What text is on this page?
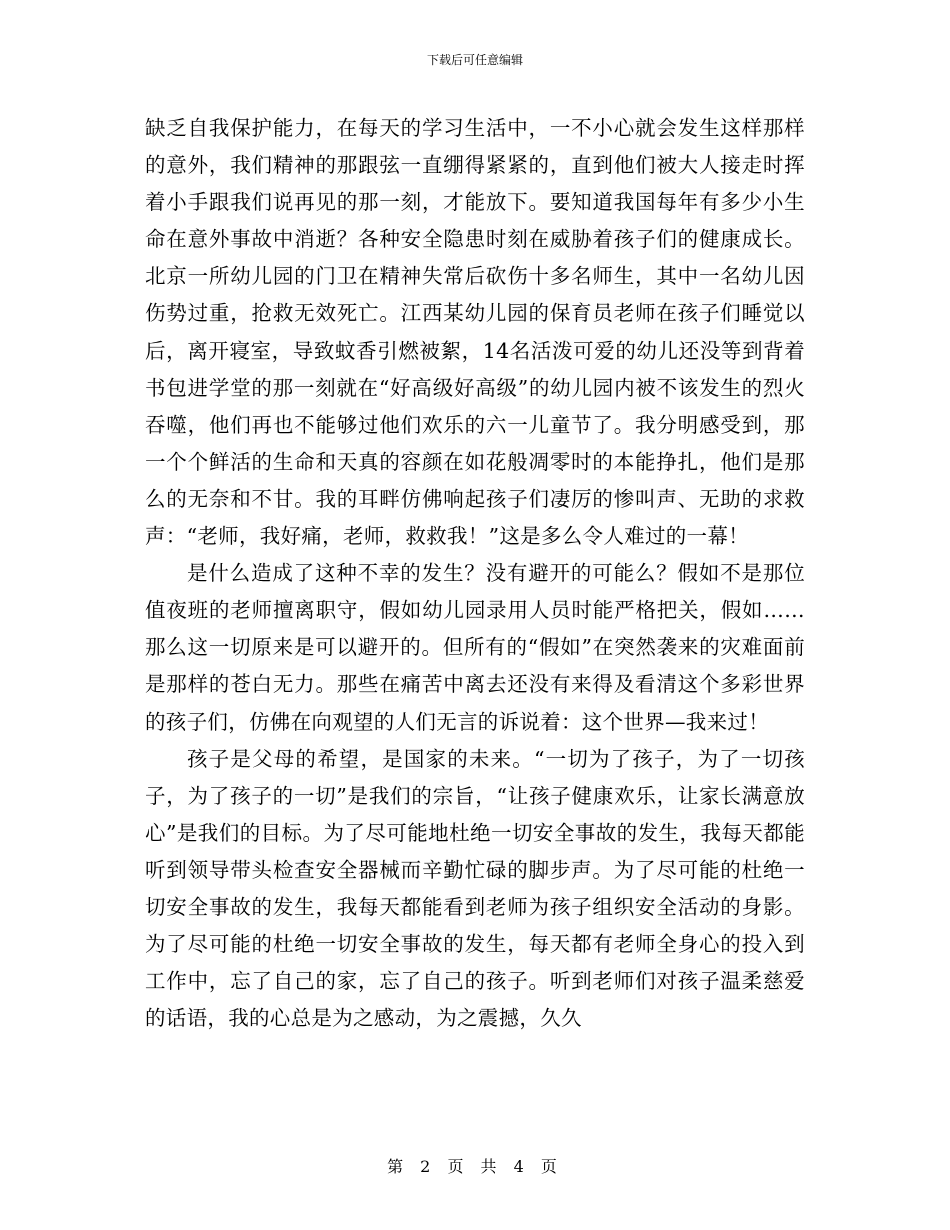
下载后可任意编辑

缺乏自我保护能力，在每天的学习生活中，一不小心就会发生这样那样的意外，我们精神的那跟弦一直绷得紧紧的，直到他们被大人接走时挥着小手跟我们说再见的那一刻，才能放下。要知道我国每年有多少小生命在意外事故中消逝？各种安全隐患时刻在威胁着孩子们的健康成长。北京一所幼儿园的门卫在精神失常后砍伤十多名师生，其中一名幼儿因伤势过重，抢救无效死亡。江西某幼儿园的保育员老师在孩子们睡觉以后，离开寝室，导致蚊香引燃被絮，14名活泼可爱的幼儿还没等到背着书包进学堂的那一刻就在“好高级好高级”的幼儿园内被不该发生的烈火吞噬，他们再也不能够过他们欢乐的六一儿童节了。我分明感受到，那一个个鲜活的生命和天真的容颜在如花般凋零时的本能挣扎，他们是那么的无奈和不甘。我的耳畔仿佛响起孩子们凄厉的惨叫声、无助的求救声：“老师，我好痛，老师，救救我！”这是多么令人难过的一幕！

是什么造成了这种不幸的发生？没有避开的可能么？假如不是那位值夜班的老师擅离职守，假如幼儿园录用人员时能严格把关，假如……那么这一切原来是可以避开的。但所有的“假如”在突然袭来的灾难面前是那样的苍白无力。那些在痛苦中离去还没有来得及看清这个多彩世界的孩子们，仿佛在向观望的人们无言的诉说着：这个世界—我来过！

孩子是父母的希望，是国家的未来。“一切为了孩子，为了一切孩子，为了孩子的一切”是我们的宗旨，“让孩子健康欢乐，让家长满意放心”是我们的目标。为了尽可能地杜绝一切安全事故的发生，我每天都能听到领导带头检查安全器械而辛勤忙碌的脚步声。为了尽可能的杜绝一切安全事故的发生，我每天都能看到老师为孩子组织安全活动的身影。为了尽可能的杜绝一切安全事故的发生，每天都有老师全身心的投入到工作中，忘了自己的家，忘了自己的孩子。听到老师们对孩子温柔慈爱的话语，我的心总是为之感动，为之震撼，久久

第 2 页 共 4 页
